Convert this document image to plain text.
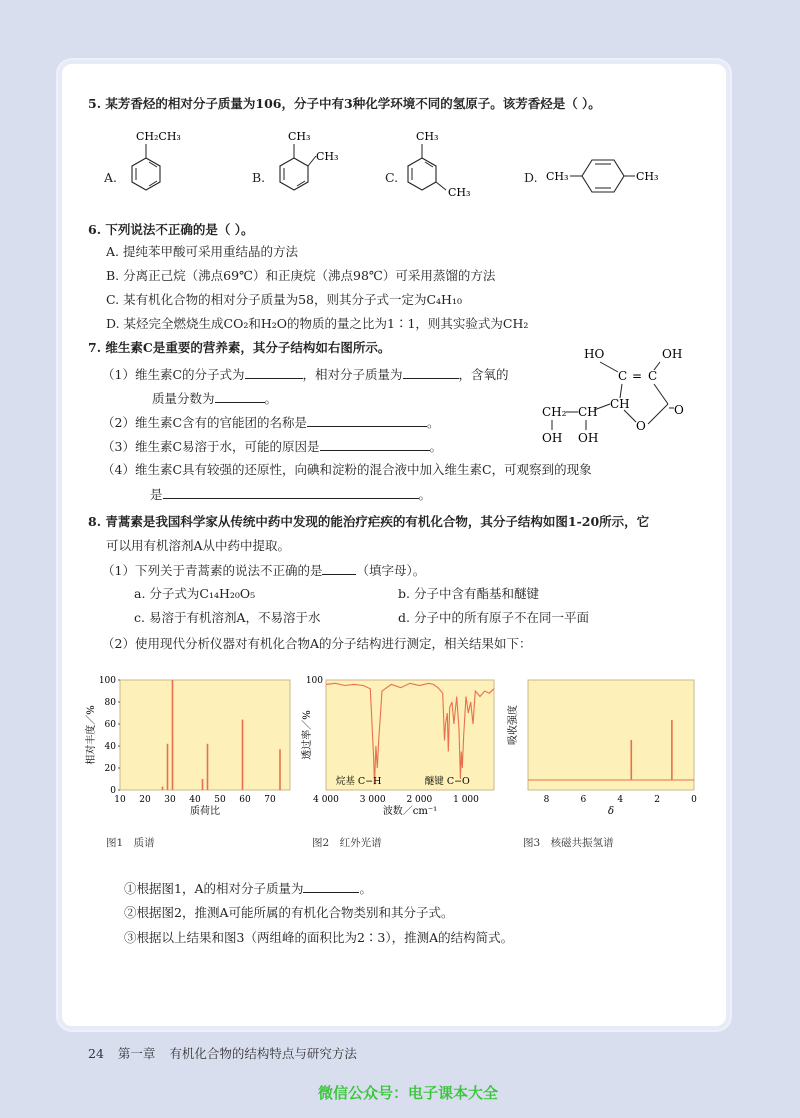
5. 某芳香烃的相对分子质量为106，分子中有3种化学环境不同的氢原子。该芳香烃是（ ）。
A.
CH₂CH₃
B.
CH₃
CH₃
C.
CH₃
CH₃
D. CH₃	CH₃
6. 下列说法不正确的是（ ）。
A. 提纯苯甲酸可采用重结晶的方法
B. 分离正己烷（沸点69℃）和正庚烷（沸点98℃）可采用蒸馏的方法
C. 某有机化合物的相对分子质量为58，则其分子式一定为C₄H₁₀
D. 某烃完全燃烧生成CO₂和H₂O的物质的量之比为1∶1，则其实验式为CH₂
7. 维生素C是重要的营养素，其分子结构如右图所示。
（1）维生素C的分子式为	，相对分子质量为	，含氧的
质量分数为	。
（2）维生素C含有的官能团的名称是	。
（3）维生素C易溶于水，可能的原因是	。
（4）维生素C具有较强的还原性，向碘和淀粉的混合液中加入维生素C，可观察到的现象
是	。
HO	OH
C = C
CH
CH₂ CH
O
O
OH OH
8. 青蒿素是我国科学家从传统中药中发现的能治疗疟疾的有机化合物，其分子结构如图1-20所示，它
可以用有机溶剂A从中药中提取。
（1）下列关于青蒿素的说法不正确的是	（填字母）。
a. 分子式为C₁₄H₂₀O₅	b. 分子中含有酯基和醚键
c. 易溶于有机溶剂A，不易溶于水	d. 分子中的所有原子不在同一平面
（2）使用现代分析仪器对有机化合物A的分子结构进行测定，相关结果如下：
0
20
40
60
80
100
10 20 30 40 50 60 70
质荷比
相对丰度／%
100
4 000 3 000 2 000 1 000
烷基 C−H	醚键 C−O
波数／cm⁻¹
透过率／%
8	6	4	2	0
δ
吸收强度
图1　质谱	图2　红外光谱	图3　核磁共振氢谱
①根据图1，A的相对分子质量为	。
②根据图2，推测A可能所属的有机化合物类别和其分子式。
③根据以上结果和图3（两组峰的面积比为2∶3），推测A的结构简式。
24 第一章 有机化合物的结构特点与研究方法
微信公众号：电子课本大全
